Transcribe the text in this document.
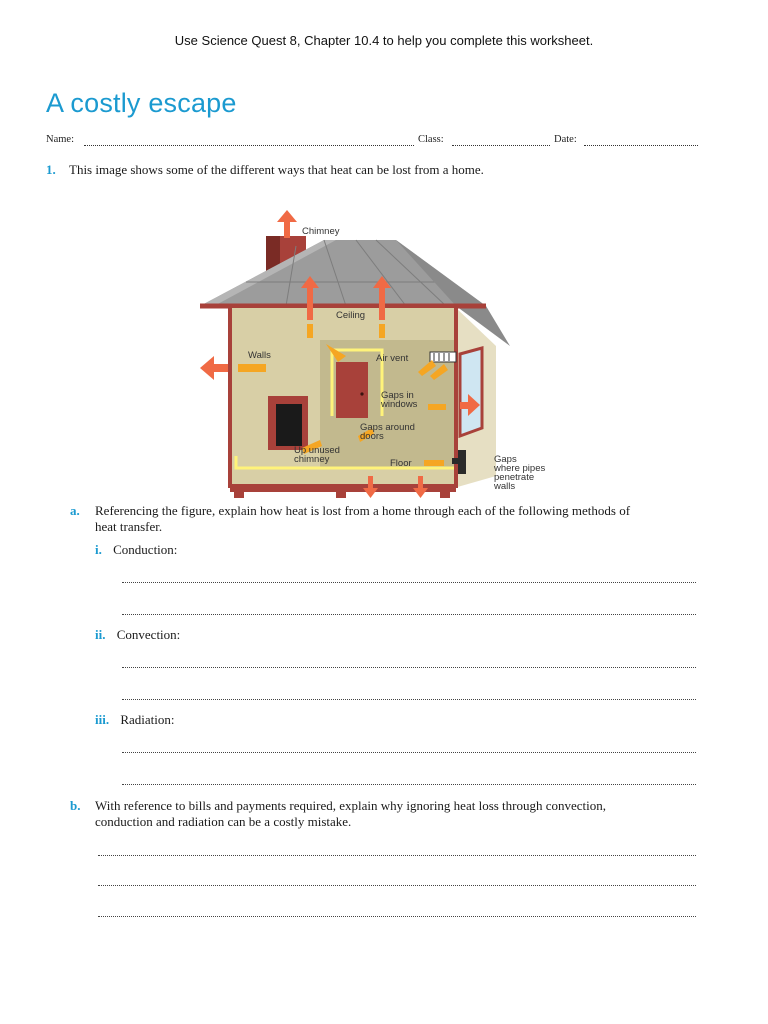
Use Science Quest 8, Chapter 10.4 to help you complete this worksheet.
A costly escape
Name:	Class:	Date:
1. This image shows some of the different ways that heat can be lost from a home.
Chimney
Ceiling
Walls	Air vent
Gaps in
windows
Gaps around
doors
Up unused
chimney	Floor	Gaps
where pipes
penetrate
walls
a. Referencing the figure, explain how heat is lost from a home through each of the following methods of
heat transfer.
i. Conduction:
ii. Convection:
iii. Radiation:
b. With reference to bills and payments required, explain why ignoring heat loss through convection,
conduction and radiation can be a costly mistake.
